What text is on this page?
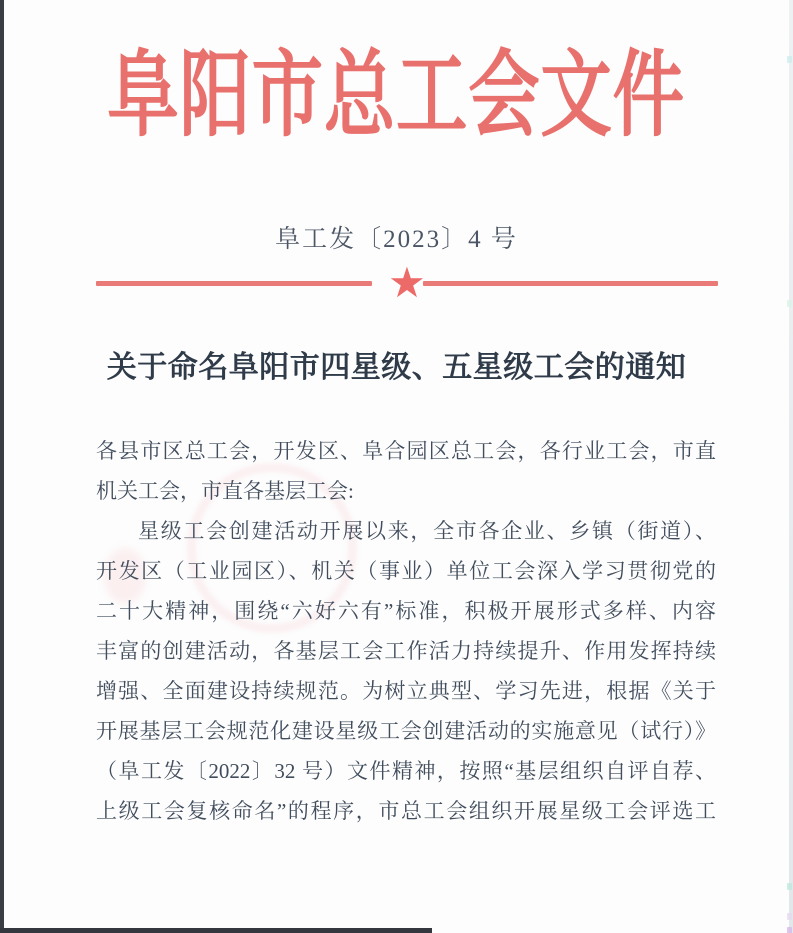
阜阳市总工会文件
阜工发〔2023〕4 号
★
关于命名阜阳市四星级、五星级工会的通知
各县市区总工会，开发区、阜合园区总工会，各行业工会，市直
机关工会，市直各基层工会:
星级工会创建活动开展以来，全市各企业、乡镇（街道）、
开发区（工业园区）、机关（事业）单位工会深入学习贯彻党的
二十大精神，围绕“六好六有”标准，积极开展形式多样、内容
丰富的创建活动，各基层工会工作活力持续提升、作用发挥持续
增强、全面建设持续规范。为树立典型、学习先进，根据《关于
开展基层工会规范化建设星级工会创建活动的实施意见（试行）》
（阜工发〔2022〕32 号）文件精神，按照“基层组织自评自荐、
上级工会复核命名”的程序，市总工会组织开展星级工会评选工
